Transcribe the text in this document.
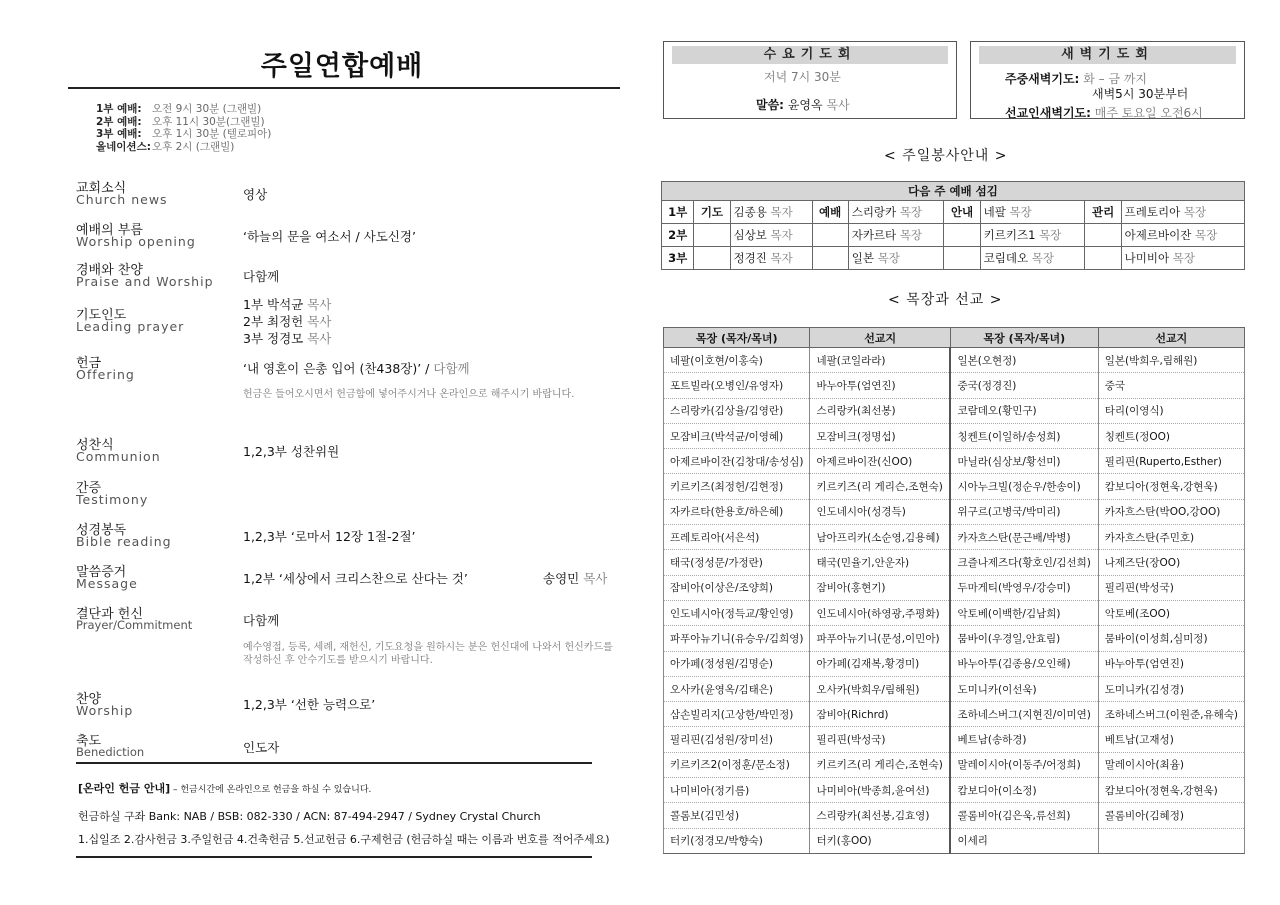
주일연합예배
1부 예배: 오전 9시 30분 (그랜빌)
2부 예배: 오후 11시 30분(그랜빌)
3부 예배: 오후 1시 30분 (텔로피아)
올네이션스: 오후 2시 (그랜빌)
교회소식
Church news	영상
예배의 부름
Worship opening	‘하늘의 문을 여소서 / 사도신경’
경배와 찬양
Praise and Worship 다함께
기도인도
Leading prayer
1부 박석균 목사
2부 최정헌 목사
3부 정경모 목사
헌금
Offering	‘내 영혼이 은총 입어 (찬438장)’ / 다함께
헌금은 들어오시면서 헌금함에 넣어주시거나 온라인으로 해주시기 바랍니다.
성찬식
Communion	1,2,3부 성찬위원
간증
Testimony
성경봉독
Bible reading	1,2,3부 ‘로마서 12장 1절-2절’
말씀증거
Message	1,2부 ‘세상에서 크리스찬으로 산다는 것’	송영민 목사
결단과 헌신
Prayer/Commitment	다함께
예수영접, 등록, 세례, 재헌신, 기도요청을 원하시는 분은 헌신대에 나와서 헌신카드를 작성하신 후 안수기도를 받으시기 바랍니다.
찬양
Worship	1,2,3부 ‘선한 능력으로’
축도
Benediction	인도자
[온라인 헌금 안내] – 헌금시간에 온라인으로 헌금을 하실 수 있습니다.
헌금하실 구좌 Bank: NAB / BSB: 082-330 / ACN: 87-494-2947 / Sydney Crystal Church
1.십일조 2.감사헌금 3.주일헌금 4.건축헌금 5.선교헌금 6.구제헌금 (헌금하실 때는 이름과 번호를 적어주세요)
수요기도회
저녁 7시 30분
말씀: 윤영옥 목사
새벽기도회
주중새벽기도: 화 – 금 까지
새벽5시 30분부터
선교인새벽기도: 매주 토요일 오전6시
< 주일봉사안내 >
다음 주 예배 섬김								
1부	기도	김종용 목자	예배	스리랑카 목장	안내	네팔 목장	관리	프레토리아 목장
2부		심상보 목자		자카르타 목장		키르키즈1 목장		아제르바이잔 목장
3부		정경진 목자		일본 목장		코림데오 목장		나미비아 목장
< 목장과 선교 >
목장 (목자/목녀)	선교지	목장 (목자/목녀)	선교지
네팔(이호현/이홍숙)	네팔(코일라라)	일본(오현정)	일본(박희우,림해원)
포트빌라(오병인/유영자)	바누아투(엄연진)	중국(정경진)	중국
스리랑카(김상율/김영란)	스리랑카(최선봉)	코람데오(황민구)	타리(이영식)
모잠비크(박석균/이영혜)	모잠비크(정명섭)	칭켄트(이일하/송성희)	칭켄트(정OO)
아제르바이잔(김창대/송성심)	아제르바이잔(신OO)	마닐라(심상보/황선미)	필리핀(Ruperto,Esther)
키르키즈(최정헌/김현정)	키르키즈(리 게리슨,조현숙)	시아누크빌(정순우/한송이)	캄보디아(정현욱,강현욱)
자카르타(한용호/하은혜)	인도네시아(성경득)	위구르(고병국/박미리)	카자흐스탄(박OO,강OO)
프레토리아(서은석)	남아프리카(소순영,김용혜)	카자흐스탄(문근배/박병)	카자흐스탄(주민호)
태국(정성문/가정란)	태국(민율기,안운자)	크즐나제즈다(황호인/김선희)	나제즈단(장OO)
잠비아(이상은/조양희)	잠비아(홍현기)	두마게티(박영우/강승미)	필리핀(박성국)
인도네시아(정득교/황인영)	인도네시아(하영광,주평화)	악토베(이백한/김남희)	악토베(조OO)
파푸아뉴기니(유승우/김희영)	파푸아뉴기니(문성,이민아)	뭄바이(우경일,안효림)	뭄바이(이성희,심미정)
아가페(정성원/김명순)	아가페(김재복,황경미)	바누아투(김종용/오인해)	바누아투(엄연진)
오사카(윤영옥/김태은)	오사카(박희우/림해원)	도미니카(이선욱)	도미니카(김성경)
삼손빌리지(고상한/박민정)	잠비아(Richrd)	조하네스버그(지현진/이미연)	조하네스버그(이원준,유해숙)
필리핀(김성원/장미선)	필리핀(박성국)	베트남(송하경)	베트남(고재성)
키르키즈2(이정훈/문소정)	키르키즈(리 게리슨,조현숙)	말레이시아(이동주/어정희)	말레이시아(최윰)
나미비아(정기름)	나미비아(박종희,윤여선)	캄보디아(이소정)	캄보디아(정현욱,강현욱)
콜롬보(김민성)	스리랑카(최선봉,김효영)	콜롬비아(김은욱,류선희)	콜롬비아(김혜정)
터키(정경모/박향숙)	터키(홍OO)	이세리	
